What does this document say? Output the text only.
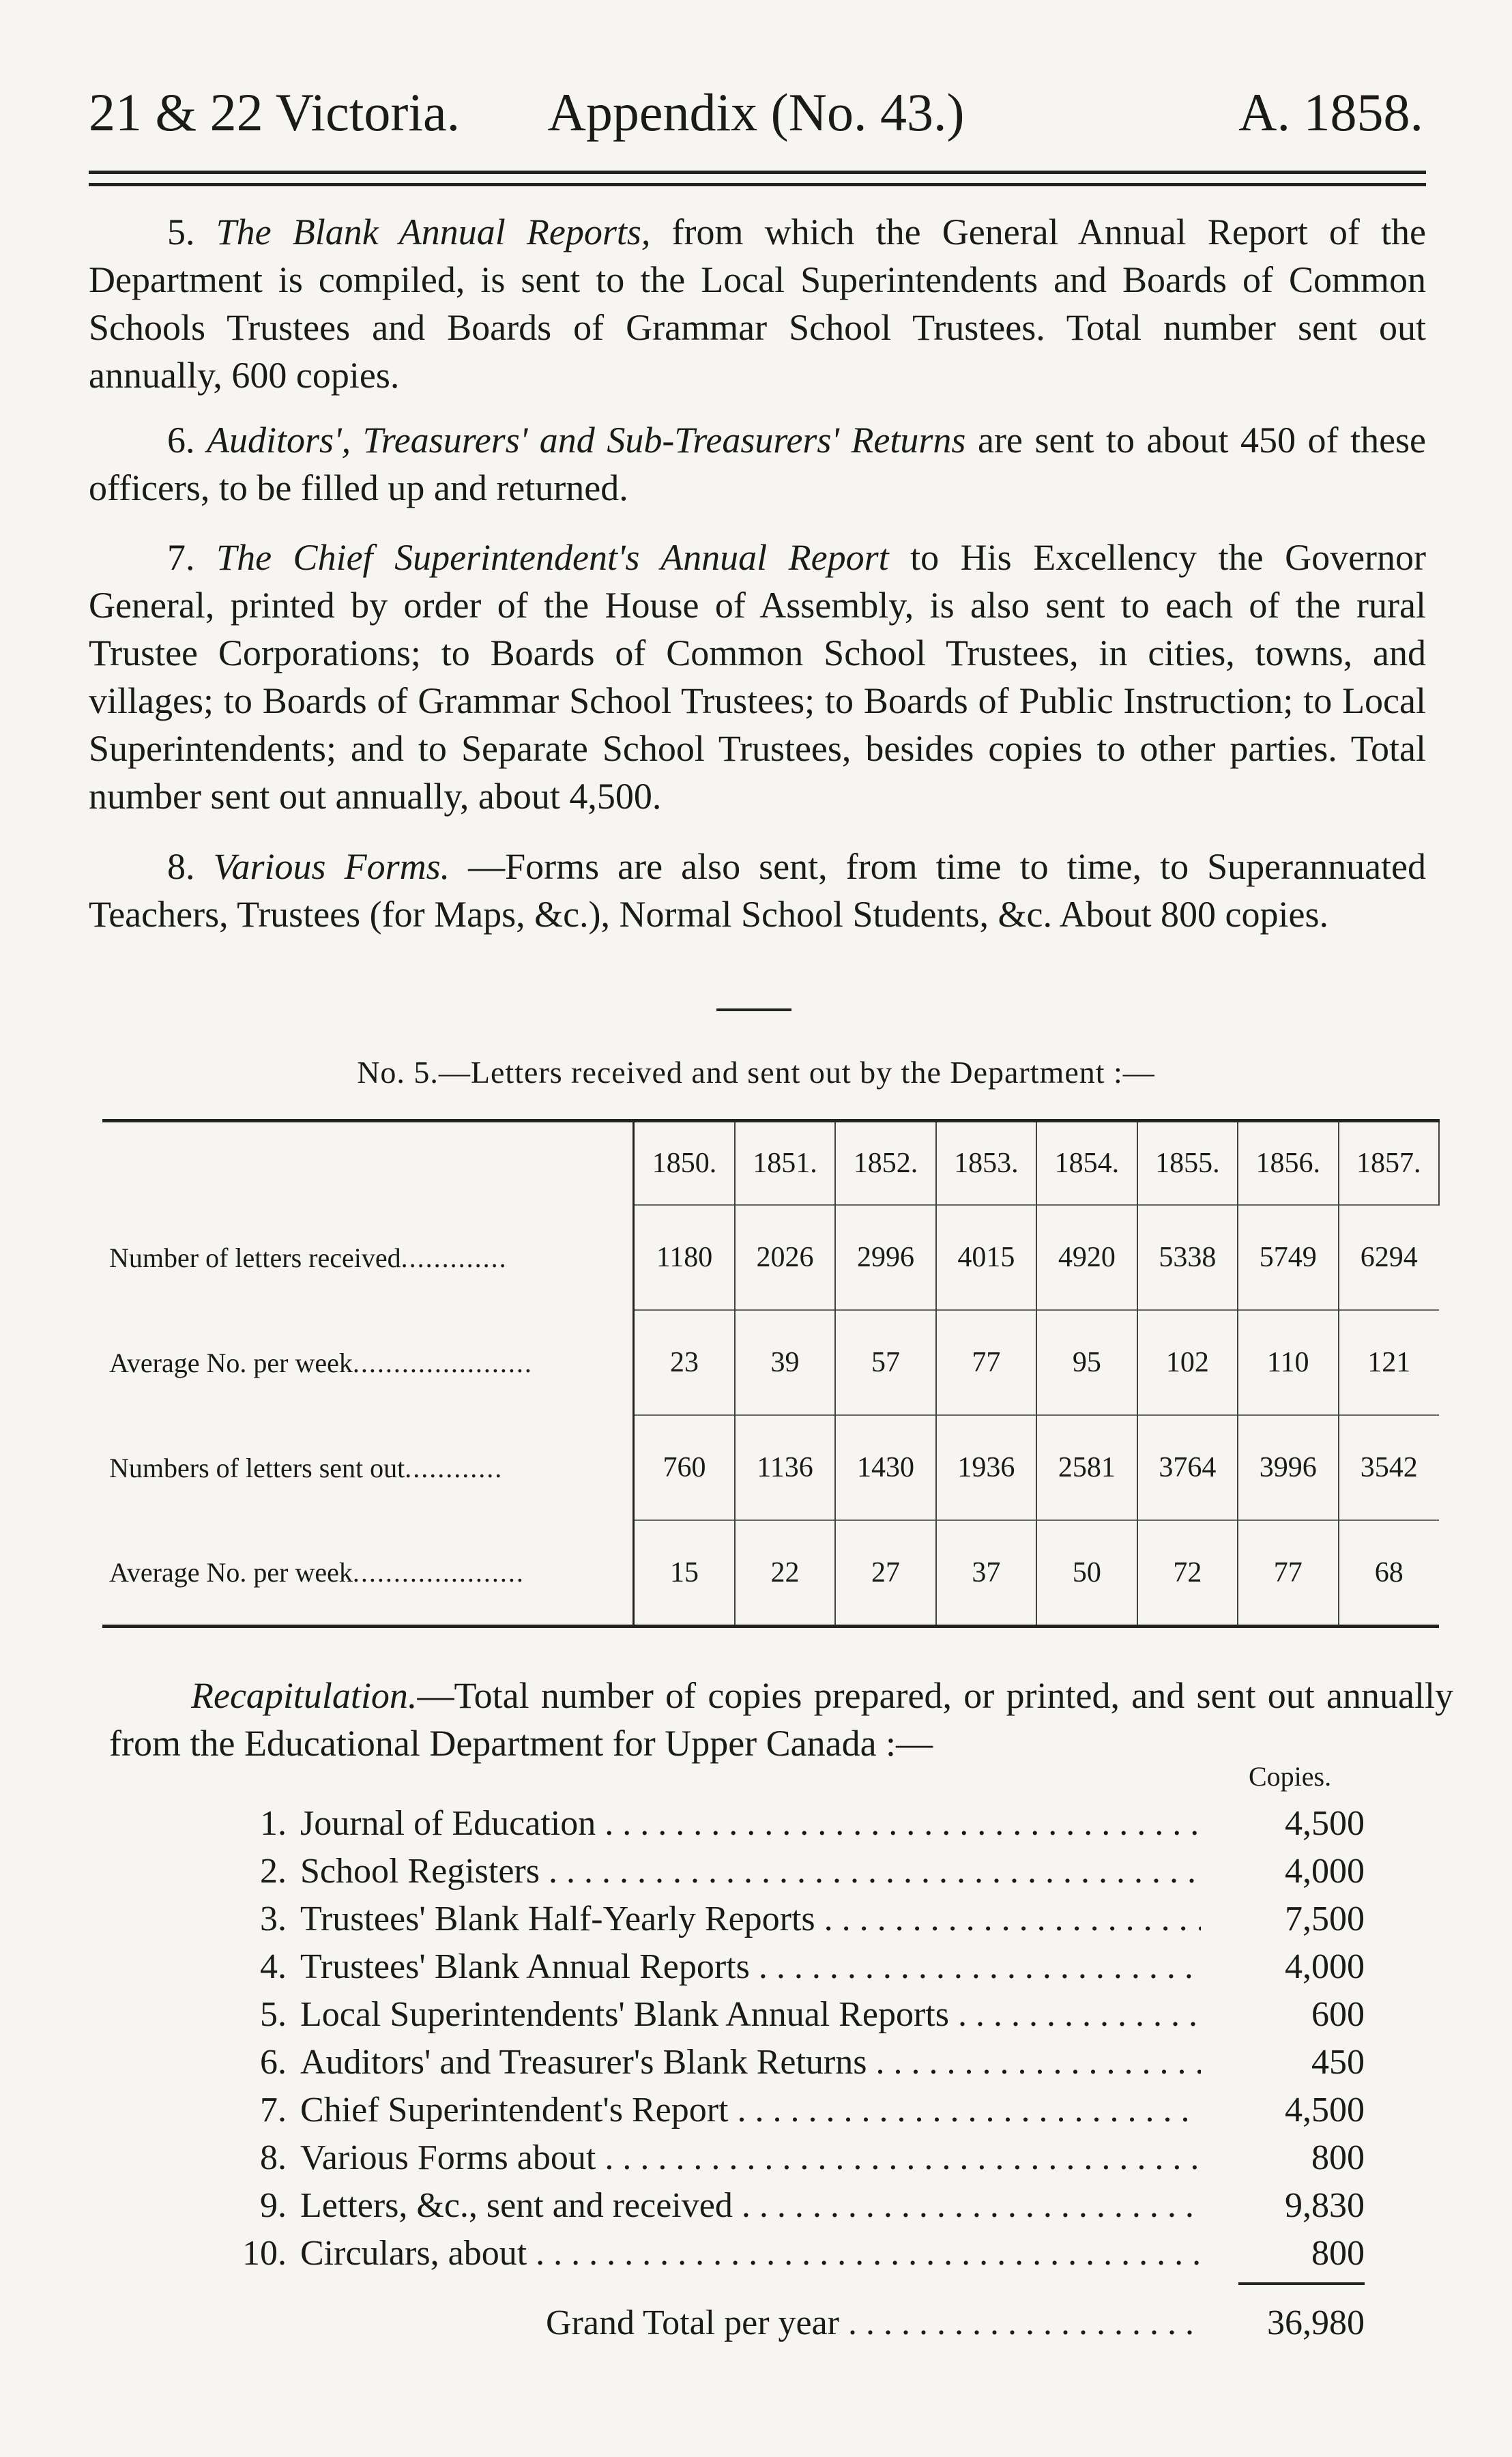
21 & 22 Victoria.	Appendix (No. 43.)	A. 1858.
5. The Blank Annual Reports, from which the General Annual Report of the Department is compiled, is sent to the Local Superintendents and Boards of Common Schools Trustees and Boards of Grammar School Trustees. Total number sent out annually, 600 copies.
6. Auditors', Treasurers' and Sub-Treasurers' Returns are sent to about 450 of these officers, to be filled up and returned.
7. The Chief Superintendent's Annual Report to His Excellency the Governor General, printed by order of the House of Assembly, is also sent to each of the rural Trustee Corporations; to Boards of Common School Trustees, in cities, towns, and villages; to Boards of Grammar School Trustees; to Boards of Public Instruction; to Local Superintendents; and to Separate School Trustees, besides copies to other parties. Total number sent out annually, about 4,500.
8. Various Forms. —Forms are also sent, from time to time, to Superannuated Teachers, Trustees (for Maps, &c.), Normal School Students, &c. About 800 copies.
No. 5.—Letters received and sent out by the Department :—
	1850.	1851.	1852.	1853.	1854.	1855.	1856.	1857.
Number of letters received.............	1180	2026	2996	4015	4920	5338	5749	6294
Average No. per week......................	23	39	57	77	95	102	110	121
Numbers of letters sent out............	760	1136	1430	1936	2581	3764	3996	3542
Average No. per week.....................	15	22	27	37	50	72	77	68
Recapitulation.—Total number of copies prepared, or printed, and sent out annually from the Educational Department for Upper Canada :—
Copies.
1. Journal of Education . . .	4,500
2. School Registers . . .	4,000
3. Trustees' Blank Half-Yearly Reports . . .	7,500
4. Trustees' Blank Annual Reports . . .	4,000
5. Local Superintendents' Blank Annual Reports . . .	600
6. Auditors' and Treasurer's Blank Returns . . .	450
7. Chief Superintendent's Report . . .	4,500
8. Various Forms about . . .	800
9. Letters, &c., sent and received . . .	9,830
10. Circulars, about . . .	800
Grand Total per year . . .	36,980
